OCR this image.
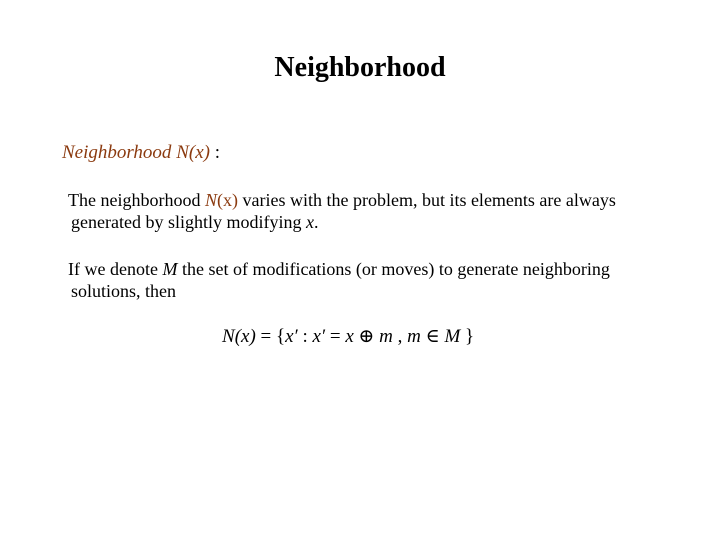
Neighborhood
Neighborhood N(x) :
The neighborhood N(x) varies with the problem, but its elements are always
generated by slightly modifying x.
If we denote M the set of modifications (or moves) to generate neighboring
solutions, then
N(x) = {x′ : x′ = x ⊕ m , m ∈ M }
